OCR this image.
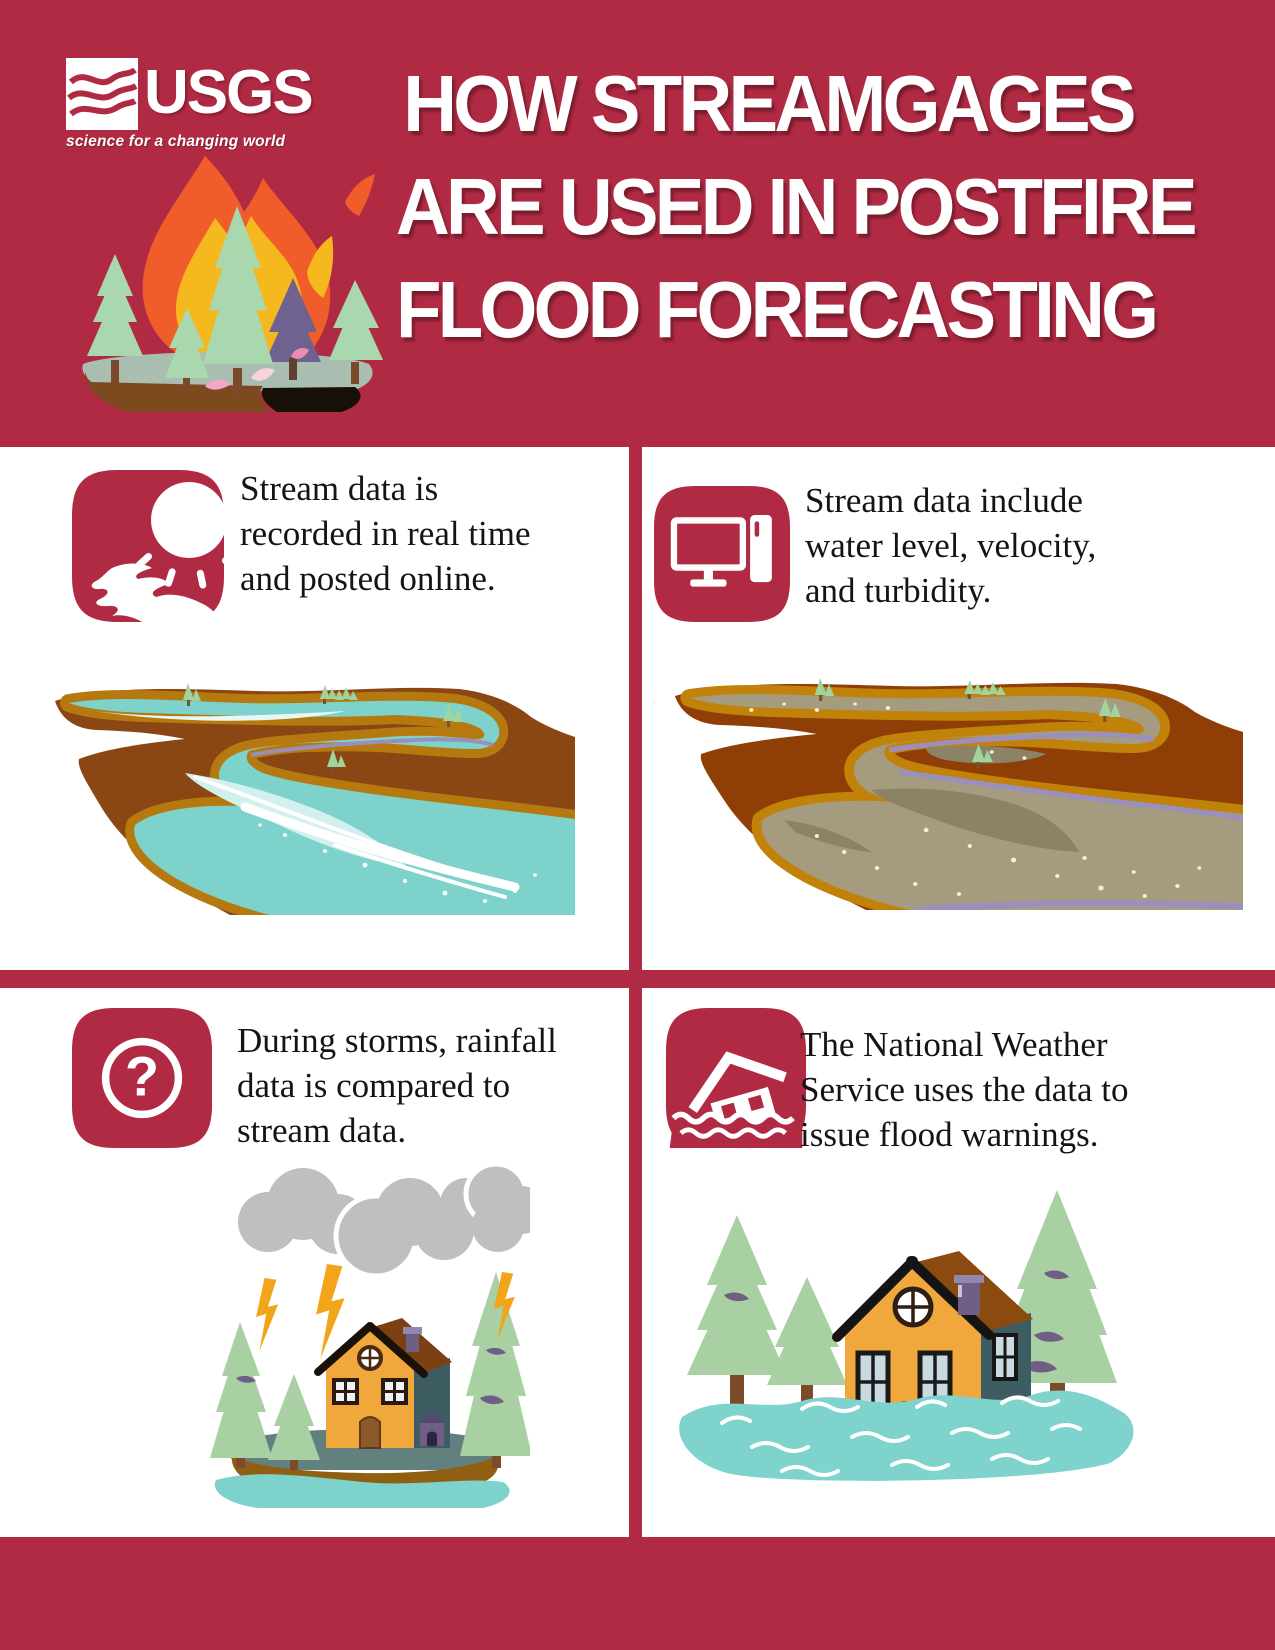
USGS
science for a changing world	HOW STREAMGAGES
ARE USED IN POSTFIRE
FLOOD FORECASTING
Stream data is
recorded in real time
and posted online.
Stream data include
water level, velocity,
and turbidity.
?
During storms, rainfall
data is compared to
stream data.
The National Weather
Service uses the data to
issue flood warnings.
